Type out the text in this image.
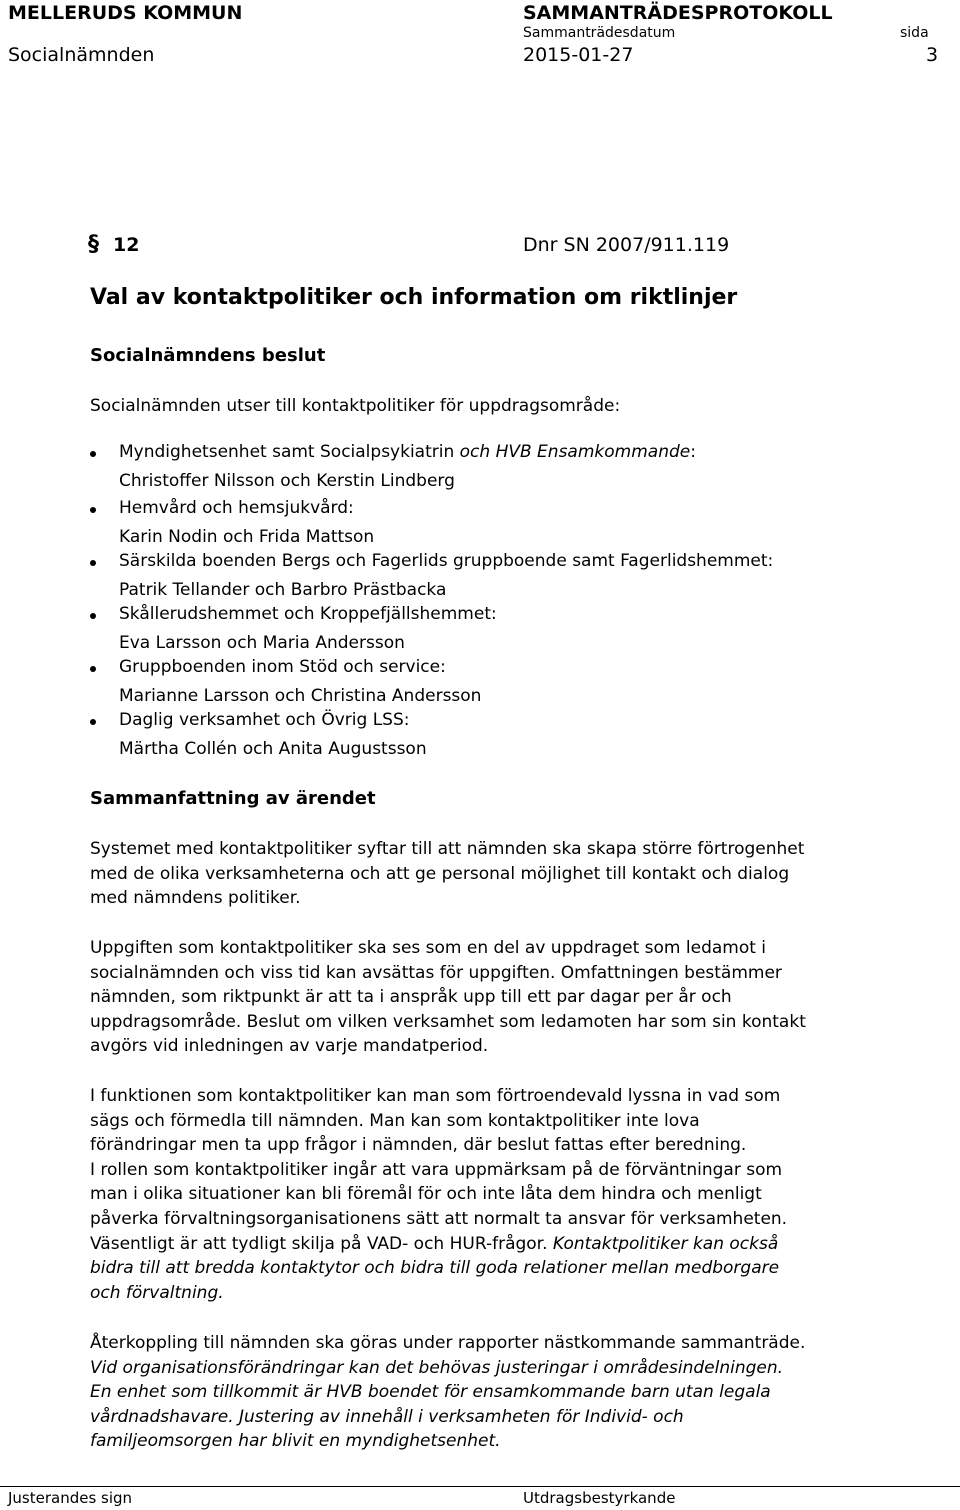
MELLERUDS KOMMUN	SAMMANTRÄDESPROTOKOLL
Sammanträdesdatum	sida
Socialnämnden	2015-01-27	3
§ 12	Dnr SN 2007/911.119
Val av kontaktpolitiker och information om riktlinjer
Socialnämndens beslut
Socialnämnden utser till kontaktpolitiker för uppdragsområde:
Myndighetsenhet samt Socialpsykiatrin och HVB Ensamkommande:
Christoffer Nilsson och Kerstin Lindberg
Hemvård och hemsjukvård:
Karin Nodin och Frida Mattson
Särskilda boenden Bergs och Fagerlids gruppboende samt Fagerlidshemmet:
Patrik Tellander och Barbro Prästbacka
Skållerudshemmet och Kroppefjällshemmet:
Eva Larsson och Maria Andersson
Gruppboenden inom Stöd och service:
Marianne Larsson och Christina Andersson
Daglig verksamhet och Övrig LSS:
Märtha Collén och Anita Augustsson
Sammanfattning av ärendet
Systemet med kontaktpolitiker syftar till att nämnden ska skapa större förtrogenhet
med de olika verksamheterna och att ge personal möjlighet till kontakt och dialog
med nämndens politiker.
Uppgiften som kontaktpolitiker ska ses som en del av uppdraget som ledamot i
socialnämnden och viss tid kan avsättas för uppgiften. Omfattningen bestämmer
nämnden, som riktpunkt är att ta i anspråk upp till ett par dagar per år och
uppdragsområde. Beslut om vilken verksamhet som ledamoten har som sin kontakt
avgörs vid inledningen av varje mandatperiod.
I funktionen som kontaktpolitiker kan man som förtroendevald lyssna in vad som
sägs och förmedla till nämnden. Man kan som kontaktpolitiker inte lova
förändringar men ta upp frågor i nämnden, där beslut fattas efter beredning.
I rollen som kontaktpolitiker ingår att vara uppmärksam på de förväntningar som
man i olika situationer kan bli föremål för och inte låta dem hindra och menligt
påverka förvaltningsorganisationens sätt att normalt ta ansvar för verksamheten.
Väsentligt är att tydligt skilja på VAD- och HUR-frågor. Kontaktpolitiker kan också
bidra till att bredda kontaktytor och bidra till goda relationer mellan medborgare
och förvaltning.
Återkoppling till nämnden ska göras under rapporter nästkommande sammanträde.
Vid organisationsförändringar kan det behövas justeringar i områdesindelningen.
En enhet som tillkommit är HVB boendet för ensamkommande barn utan legala
vårdnadshavare. Justering av innehåll i verksamheten för Individ- och
familjeomsorgen har blivit en myndighetsenhet.
Justerandes sign	Utdragsbestyrkande
